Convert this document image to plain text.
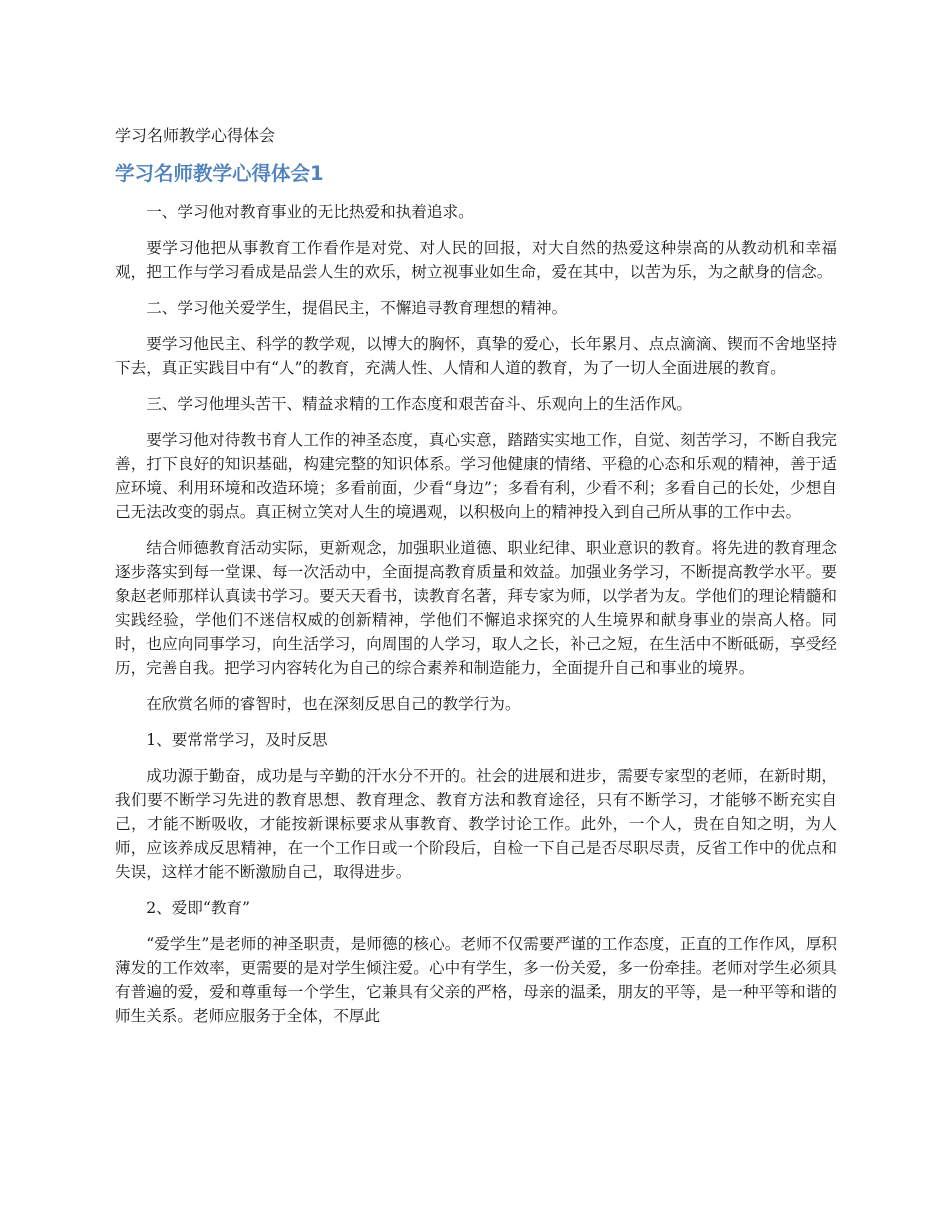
学习名师教学心得体会
学习名师教学心得体会1

一、学习他对教育事业的无比热爱和执着追求。

要学习他把从事教育工作看作是对党、对人民的回报，对大自然的热爱这种崇高的从教动机和幸福观，把工作与学习看成是品尝人生的欢乐，树立视事业如生命，爱在其中，以苦为乐，为之献身的信念。

二、学习他关爱学生，提倡民主，不懈追寻教育理想的精神。

要学习他民主、科学的教学观，以博大的胸怀，真挚的爱心，长年累月、点点滴滴、锲而不舍地坚持下去，真正实践目中有“人”的教育，充满人性、人情和人道的教育，为了一切人全面进展的教育。

三、学习他埋头苦干、精益求精的工作态度和艰苦奋斗、乐观向上的生活作风。

要学习他对待教书育人工作的神圣态度，真心实意，踏踏实实地工作，自觉、刻苦学习，不断自我完善，打下良好的知识基础，构建完整的知识体系。学习他健康的情绪、平稳的心态和乐观的精神，善于适应环境、利用环境和改造环境；多看前面，少看“身边”；多看有利，少看不利；多看自己的长处，少想自己无法改变的弱点。真正树立笑对人生的境遇观，以积极向上的精神投入到自己所从事的工作中去。

结合师德教育活动实际，更新观念，加强职业道德、职业纪律、职业意识的教育。将先进的教育理念逐步落实到每一堂课、每一次活动中，全面提高教育质量和效益。加强业务学习，不断提高教学水平。要象赵老师那样认真读书学习。要天天看书，读教育名著，拜专家为师，以学者为友。学他们的理论精髓和实践经验，学他们不迷信权威的创新精神，学他们不懈追求探究的人生境界和献身事业的崇高人格。同时，也应向同事学习，向生活学习，向周围的人学习，取人之长，补己之短，在生活中不断砥砺，享受经历，完善自我。把学习内容转化为自己的综合素养和制造能力，全面提升自己和事业的境界。

在欣赏名师的睿智时，也在深刻反思自己的教学行为。

1、要常常学习，及时反思

成功源于勤奋，成功是与辛勤的汗水分不开的。社会的进展和进步，需要专家型的老师，在新时期，我们要不断学习先进的教育思想、教育理念、教育方法和教育途径，只有不断学习，才能够不断充实自己，才能不断吸收，才能按新课标要求从事教育、教学讨论工作。此外，一个人，贵在自知之明，为人师，应该养成反思精神，在一个工作日或一个阶段后，自检一下自己是否尽职尽责，反省工作中的优点和失误，这样才能不断激励自己，取得进步。

2、爱即“教育”

“爱学生”是老师的神圣职责，是师德的核心。老师不仅需要严谨的工作态度，正直的工作作风，厚积薄发的工作效率，更需要的是对学生倾注爱。心中有学生，多一份关爱，多一份牵挂。老师对学生必须具有普遍的爱，爱和尊重每一个学生，它兼具有父亲的严格，母亲的温柔，朋友的平等，是一种平等和谐的师生关系。老师应服务于全体，不厚此
